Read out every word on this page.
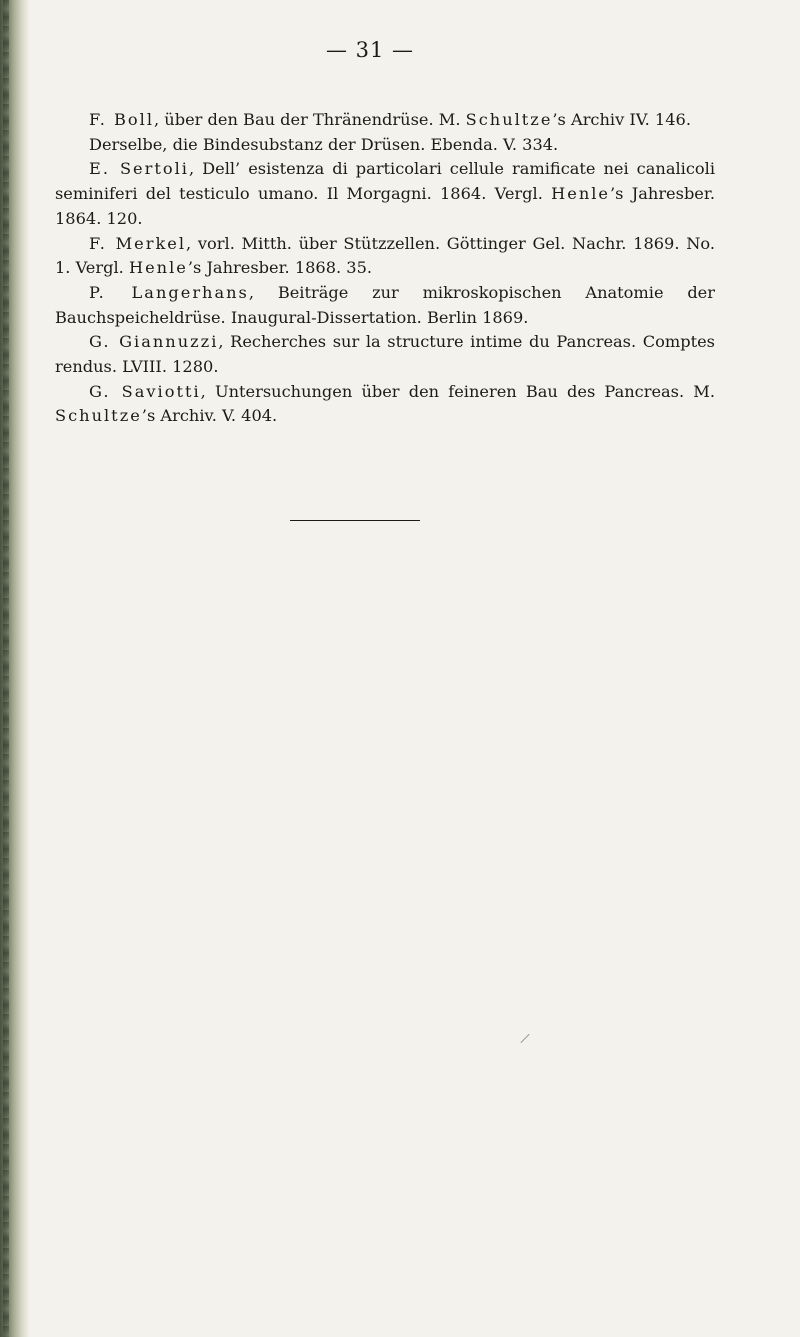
— 31 —

F. Boll, über den Bau der Thränendrüse. M. Schultze’s Archiv IV. 146.

Derselbe, die Bindesubstanz der Drüsen. Ebenda. V. 334.

E. Sertoli, Dell’ esistenza di particolari cellule ramificate nei canalicoli seminiferi del testiculo umano. Il Morgagni. 1864. Vergl. Henle’s Jahresber. 1864. 120.

F. Merkel, vorl. Mitth. über Stützzellen. Göttinger Gel. Nachr. 1869. No. 1. Vergl. Henle’s Jahresber. 1868. 35.

P. Langerhans, Beiträge zur mikroskopischen Anatomie der Bauchspeicheldrüse. Inaugural-Dissertation. Berlin 1869.

G. Giannuzzi, Recherches sur la structure intime du Pancreas. Comptes rendus. LVIII. 1280.

G. Saviotti, Untersuchungen über den feineren Bau des Pancreas. M. Schultze’s Archiv. V. 404.
